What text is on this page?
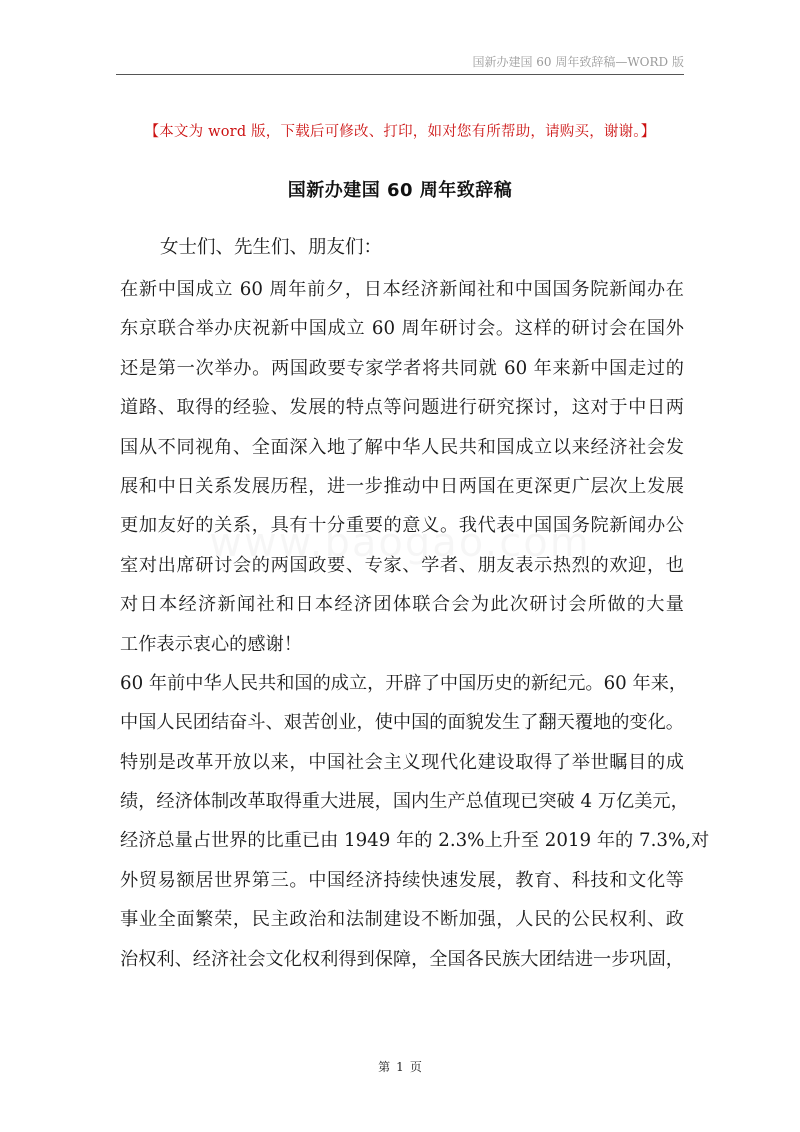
国新办建国 60 周年致辞稿—WORD 版
【本文为 word 版，下载后可修改、打印，如对您有所帮助，请购买，谢谢。】
国新办建国 60 周年致辞稿
女士们、先生们、朋友们：

在新中国成立 60 周年前夕，日本经济新闻社和中国国务院新闻办在
东京联合举办庆祝新中国成立 60 周年研讨会。这样的研讨会在国外
还是第一次举办。两国政要专家学者将共同就 60 年来新中国走过的
道路、取得的经验、发展的特点等问题进行研究探讨，这对于中日两
国从不同视角、全面深入地了解中华人民共和国成立以来经济社会发
展和中日关系发展历程，进一步推动中日两国在更深更广层次上发展
更加友好的关系，具有十分重要的意义。我代表中国国务院新闻办公
室对出席研讨会的两国政要、专家、学者、朋友表示热烈的欢迎，也
对日本经济新闻社和日本经济团体联合会为此次研讨会所做的大量
工作表示衷心的感谢！

60 年前中华人民共和国的成立，开辟了中国历史的新纪元。60 年来，
中国人民团结奋斗、艰苦创业，使中国的面貌发生了翻天覆地的变化。
特别是改革开放以来，中国社会主义现代化建设取得了举世瞩目的成
绩，经济体制改革取得重大进展，国内生产总值现已突破 4 万亿美元，
经济总量占世界的比重已由 1949 年的 2.3%上升至 2019 年的 7.3%,对
外贸易额居世界第三。中国经济持续快速发展，教育、科技和文化等
事业全面繁荣，民主政治和法制建设不断加强，人民的公民权利、政
治权利、经济社会文化权利得到保障，全国各民族大团结进一步巩固，

第 1 页
